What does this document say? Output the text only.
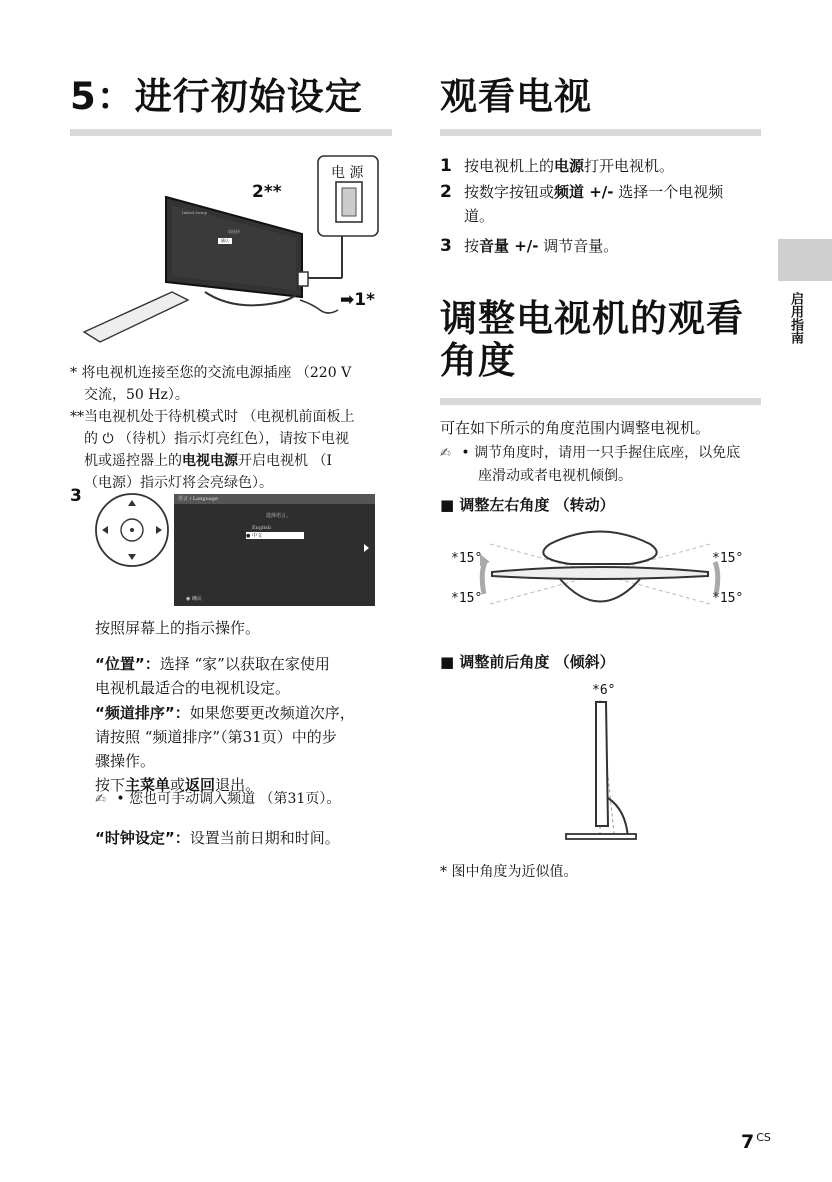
5：进行初始设定
电 源
2**
➡1*
Initial Setup
请选择
确认
* 将电视机连接至您的交流电源插座 （220 V
交流，50 Hz）。
**当电视机处于待机模式时 （电视机前面板上
的 ⏻ （待机）指示灯亮红色），请按下电视
机或遥控器上的电视电源开启电视机 （I
（电源）指示灯将会亮绿色）。
3	语言 / Language
选择语言。
English
● 中文
◉ 确认
按照屏幕上的指示操作。
“位置”：选择 “家”以获取在家使用
电视机最适合的电视机设定。
“频道排序”：如果您要更改频道次序，
请按照 “频道排序”（第31页）中的步
骤操作。
按下主菜单或返回退出。
✍ • 您也可手动调入频道 （第31页）。
“时钟设定”：设置当前日期和时间。
观看电视
1 按电视机上的电源打开电视机。
2 按数字按钮或频道 +/- 选择一个电视频
道。
3 按音量 +/- 调节音量。
调整电视机的观看
角度
可在如下所示的角度范围内调整电视机。
✍ • 调节角度时，请用一只手握住底座，以免底
座滑动或者电视机倾倒。
■ 调整左右角度 （转动）
*15°	*15°
*15°	*15°
■ 调整前后角度 （倾斜）
*6°
* 图中角度为近似值。
启用指南
7 $^{CS}$
